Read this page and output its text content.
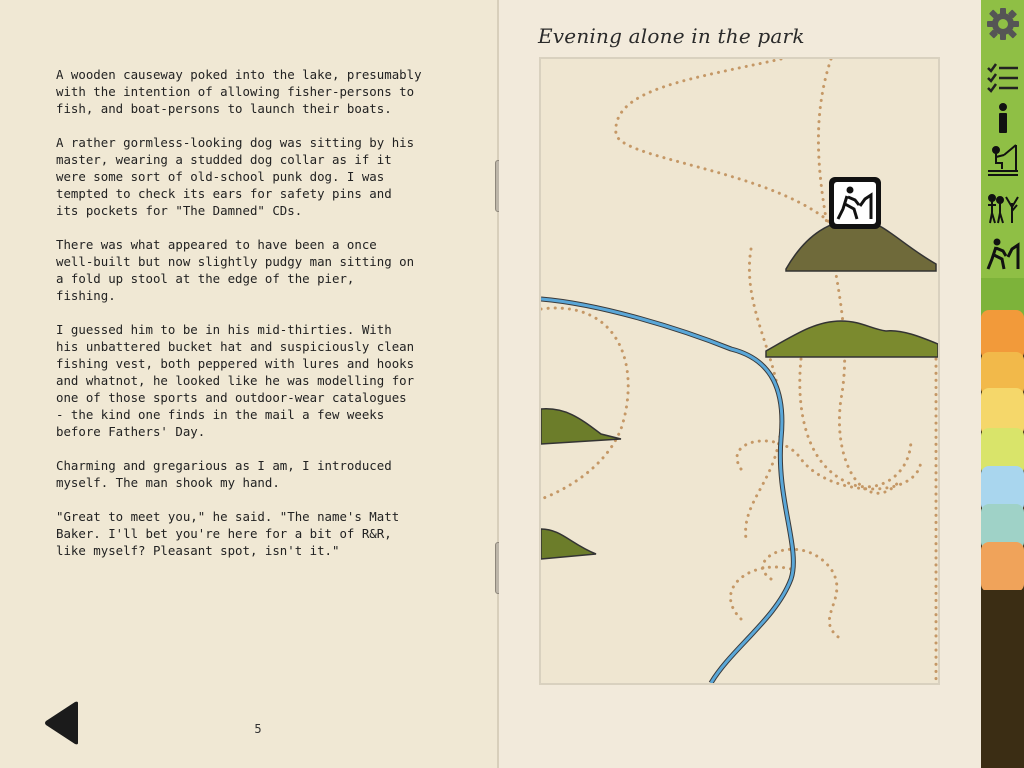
A wooden causeway poked into the lake, presumably
with the intention of allowing fisher-persons to
fish, and boat-persons to launch their boats.

A rather gormless-looking dog was sitting by his
master, wearing a studded dog collar as if it
were some sort of old-school punk dog. I was
tempted to check its ears for safety pins and
its pockets for "The Damned" CDs.

There was what appeared to have been a once
well-built but now slightly pudgy man sitting on
a fold up stool at the edge of the pier,
fishing.

I guessed him to be in his mid-thirties. With
his unbattered bucket hat and suspiciously clean
fishing vest, both peppered with lures and hooks
and whatnot, he looked like he was modelling for
one of those sports and outdoor-wear catalogues
- the kind one finds in the mail a few weeks
before Fathers' Day.

Charming and gregarious as I am, I introduced
myself. The man shook my hand.

"Great to meet you," he said. "The name's Matt
Baker. I'll bet you're here for a bit of R&R,
like myself? Pleasant spot, isn't it."

5
Evening alone in the park
